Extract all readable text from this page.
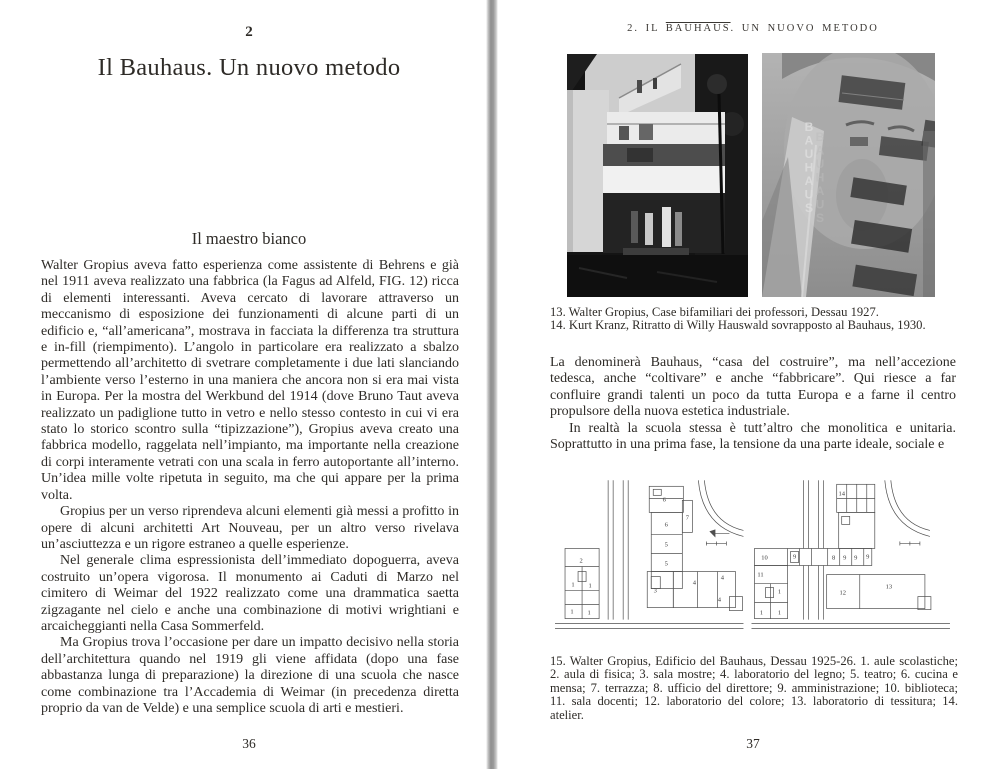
2
Il Bauhaus. Un nuovo metodo
Il maestro bianco

Walter Gropius aveva fatto esperienza come assistente di Behrens e già nel 1911 aveva realizzato una fabbrica (la Fagus ad Alfeld, FIG. 12) ricca di elementi interessanti. Aveva cercato di lavorare attraverso un meccanismo di esposizione dei funzionamenti di alcune parti di un edificio e, “all’americana”, mostrava in facciata la differenza tra struttura e in-fill (riempimento). L’angolo in particolare era realizzato a sbalzo permettendo all’architetto di svetrare completamente i due lati slanciando l’ambiente verso l’esterno in una maniera che ancora non si era mai vista in Europa. Per la mostra del Werkbund del 1914 (dove Bruno Taut aveva realizzato un padiglione tutto in vetro e nello stesso contesto in cui vi era stato lo storico scontro sulla “tipizzazione”), Gropius aveva creato una fabbrica modello, raggelata nell’impianto, ma importante nella creazione di corpi interamente vetrati con una scala in ferro autoportante all’interno. Un’idea mille volte ripetuta in seguito, ma che qui appare per la prima volta.

Gropius per un verso riprendeva alcuni elementi già messi a profitto in opere di alcuni architetti Art Nouveau, per un altro verso rivelava un’asciuttezza e un rigore estraneo a quelle esperienze.

Nel generale clima espressionista dell’immediato dopoguerra, aveva costruito un’opera vigorosa. Il monumento ai Caduti di Marzo nel cimitero di Weimar del 1922 realizzato come una drammatica saetta zigzagante nel cielo e anche una combinazione di motivi wrightiani e arcaicheggianti nella Casa Sommerfeld.

Ma Gropius trova l’occasione per dare un impatto decisivo nella storia dell’architettura quando nel 1919 gli viene affidata (dopo una fase abbastanza lunga di preparazione) la direzione di una scuola che nasce come combinazione tra l’Accademia di Weimar (in precedenza diretta proprio da van de Velde) e una semplice scuola di arti e mestieri.

36
2. IL BAUHAUS. UN NUOVO METODO
B
B
A
A
U
U
H
H
A
A
U
U
S
S

13. Walter Gropius, Case bifamiliari dei professori, Dessau 1927.

14. Kurt Kranz, Ritratto di Willy Hauswald sovrapposto al Bauhaus, 1930.

La denominerà Bauhaus, “casa del costruire”, ma nell’accezione tedesca, anche “coltivare” e anche “fabbricare”. Qui riesce a far confluire grandi talenti un poco da tutta Europa e a farne il centro propulsore della nuova estetica industriale.

In realtà la scuola stessa è tutt’altro che monolitica e unitaria. Soprattutto in una prima fase, la tensione da una parte ideale, sociale e

2
1 1
1 1
6
6
5
5
7
3
4
4
4
10	9	8 9 9 9
14
11
1
1 1
12
13
15. Walter Gropius, Edificio del Bauhaus, Dessau 1925-26. 1. aule scolastiche; 2. aula di fisica; 3. sala mostre; 4. laboratorio del legno; 5. teatro; 6. cucina e mensa; 7. terrazza; 8. ufficio del direttore; 9. amministrazione; 10. biblioteca; 11. sala docenti; 12. laboratorio del colore; 13. laboratorio di tessitura; 14. atelier.
37
